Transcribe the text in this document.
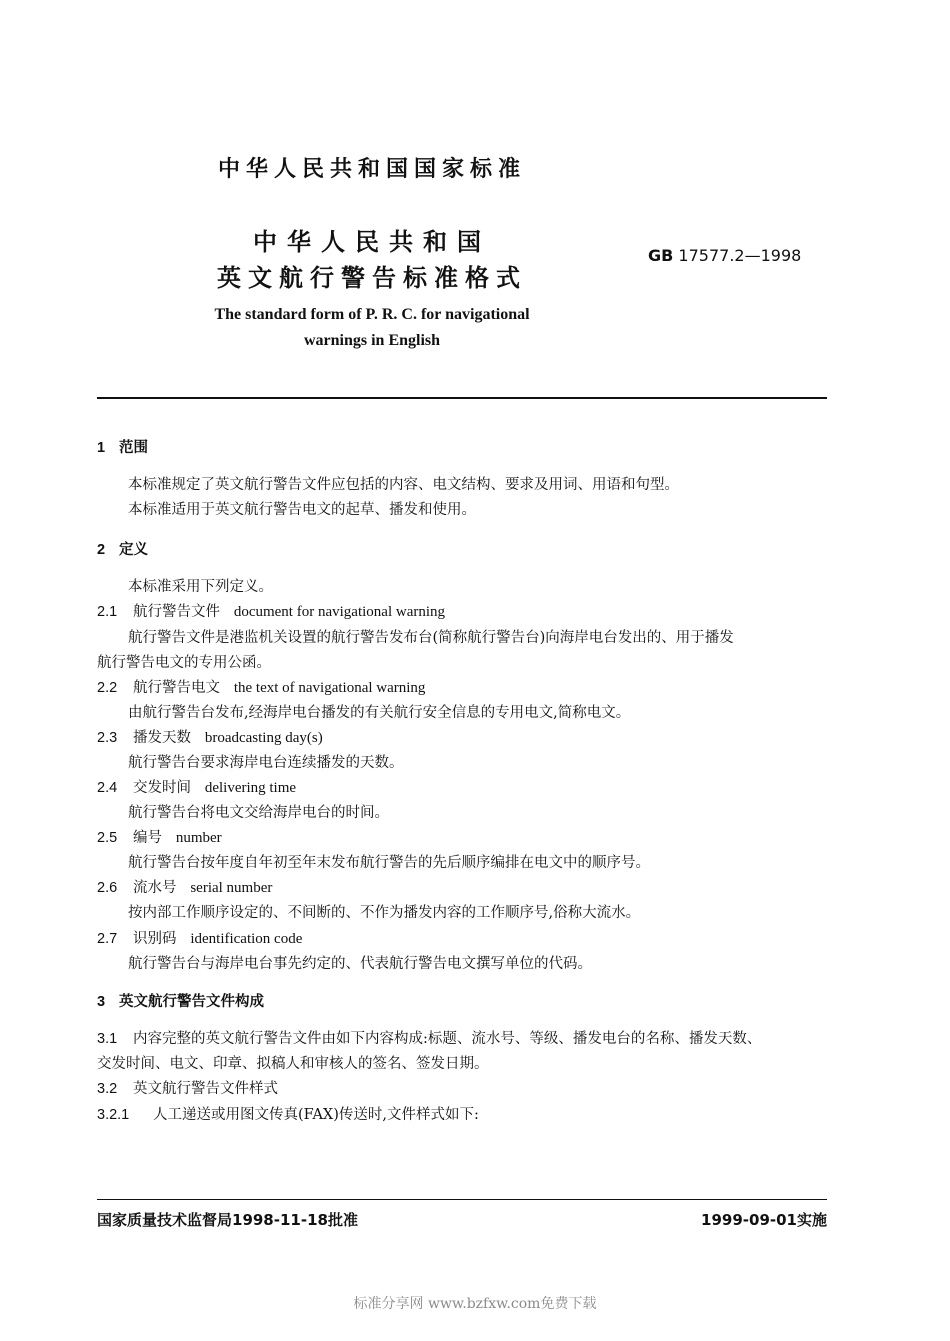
中华人民共和国国家标准
中华人民共和国
英文航行警告标准格式
GB 17577.2—1998
The standard form of P. R. C. for navigational
warnings in English
1 范围
本标准规定了英文航行警告文件应包括的内容、电文结构、要求及用词、用语和句型。
本标准适用于英文航行警告电文的起草、播发和使用。
2 定义
本标准采用下列定义。
2.1 航行警告文件 document for navigational warning
航行警告文件是港监机关设置的航行警告发布台(简称航行警告台)向海岸电台发出的、用于播发
航行警告电文的专用公函。
2.2 航行警告电文 the text of navigational warning
由航行警告台发布,经海岸电台播发的有关航行安全信息的专用电文,简称电文。
2.3 播发天数 broadcasting day(s)
航行警告台要求海岸电台连续播发的天数。
2.4 交发时间 delivering time
航行警告台将电文交给海岸电台的时间。
2.5 编号 number
航行警告台按年度自年初至年末发布航行警告的先后顺序编排在电文中的顺序号。
2.6 流水号 serial number
按内部工作顺序设定的、不间断的、不作为播发内容的工作顺序号,俗称大流水。
2.7 识别码 identification code
航行警告台与海岸电台事先约定的、代表航行警告电文撰写单位的代码。
3 英文航行警告文件构成
3.1 内容完整的英文航行警告文件由如下内容构成:标题、流水号、等级、播发电台的名称、播发天数、
交发时间、电文、印章、拟稿人和审核人的签名、签发日期。
3.2 英文航行警告文件样式
3.2.1 人工递送或用图文传真(FAX)传送时,文件样式如下:
国家质量技术监督局1998-11-18批准	1999-09-01实施
标准分享网 www.bzfxw.com免费下载
